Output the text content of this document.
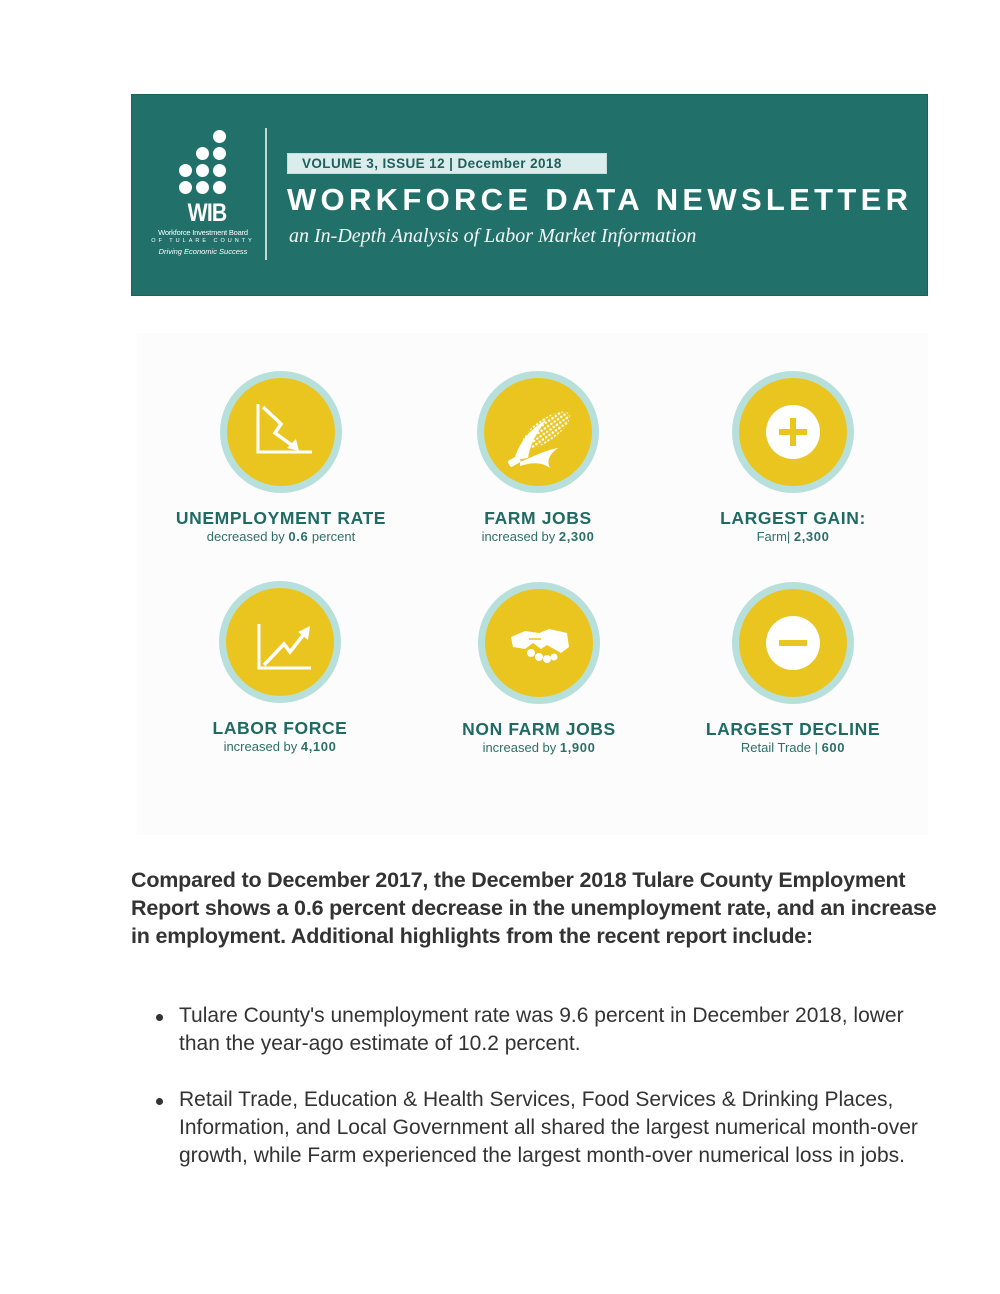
WIB
Workforce Investment Board
OF TULARE COUNTY
Driving Economic Success
VOLUME 3, ISSUE 12 | December 2018
WORKFORCE DATA NEWSLETTER
an In-Depth Analysis of Labor Market Information
UNEMPLOYMENT RATE
decreased by 0.6 percent
FARM JOBS
increased by 2,300
LARGEST GAIN:
Farm| 2,300
LABOR FORCE
increased by 4,100
NON FARM JOBS
increased by 1,900
LARGEST DECLINE
Retail Trade | 600

Compared to December 2017, the December 2018 Tulare County Employment Report shows a 0.6 percent decrease in the unemployment rate, and an increase in employment. Additional highlights from the recent report include:

Tulare County's unemployment rate was 9.6 percent in December 2018, lower than the year-ago estimate of 10.2 percent.
Retail Trade, Education & Health Services, Food Services & Drinking Places, Information, and Local Government all shared the largest numerical month-over growth, while Farm experienced the largest month-over numerical loss in jobs.
